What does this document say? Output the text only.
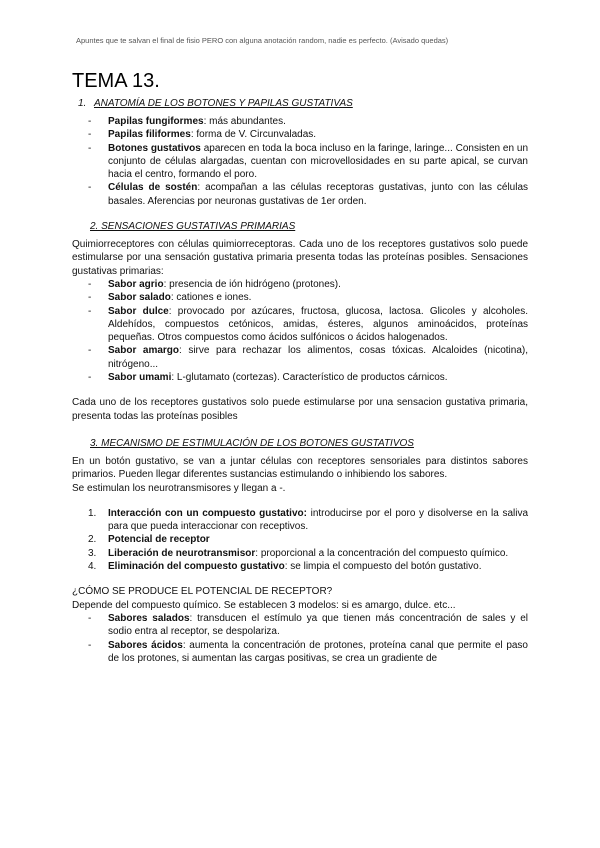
Apuntes que te salvan el final de fisio PERO con alguna anotación random, nadie es perfecto. (Avisado quedas)
TEMA 13.
1. ANATOMÍA DE LOS BOTONES Y PAPILAS GUSTATIVAS
- Papilas fungiformes: más abundantes.
- Papilas filiformes: forma de V. Circunvaladas.
- Botones gustativos aparecen en toda la boca incluso en la faringe, laringe... Consisten en un conjunto de células alargadas, cuentan con microvellosidades en su parte apical, se curvan hacia el centro, formando el poro.
- Células de sostén: acompañan a las células receptoras gustativas, junto con las células basales. Aferencias por neuronas gustativas de 1er orden.
2. SENSACIONES GUSTATIVAS PRIMARIAS

Quimiorreceptores con células quimiorreceptoras. Cada uno de los receptores gustativos solo puede estimularse por una sensación gustativa primaria presenta todas las proteínas posibles. Sensaciones gustativas primarias:

- Sabor agrio: presencia de ión hidrógeno (protones).
- Sabor salado: cationes e iones.
- Sabor dulce: provocado por azúcares, fructosa, glucosa, lactosa. Glicoles y alcoholes. Aldehídos, compuestos cetónicos, amidas, ésteres, algunos aminoácidos, proteínas pequeñas. Otros compuestos como ácidos sulfónicos o ácidos halogenados.
- Sabor amargo: sirve para rechazar los alimentos, cosas tóxicas. Alcaloides (nicotina), nitrógeno...
- Sabor umami: L-glutamato (cortezas). Característico de productos cárnicos.

Cada uno de los receptores gustativos solo puede estimularse por una sensacion gustativa primaria, presenta todas las proteínas posibles

3. MECANISMO DE ESTIMULACIÓN DE LOS BOTONES GUSTATIVOS

En un botón gustativo, se van a juntar células con receptores sensoriales para distintos sabores primarios. Pueden llegar diferentes sustancias estimulando o inhibiendo los sabores.

Se estimulan los neurotransmisores y llegan a -.

1. Interacción con un compuesto gustativo: introducirse por el poro y disolverse en la saliva para que pueda interaccionar con receptivos.
2. Potencial de receptor
3. Liberación de neurotransmisor: proporcional a la concentración del compuesto químico.
4. Eliminación del compuesto gustativo: se limpia el compuesto del botón gustativo.
¿CÓMO SE PRODUCE EL POTENCIAL DE RECEPTOR?

Depende del compuesto químico. Se establecen 3 modelos: si es amargo, dulce. etc...

- Sabores salados: transducen el estímulo ya que tienen más concentración de sales y el sodio entra al receptor, se despolariza.
- Sabores ácidos: aumenta la concentración de protones, proteína canal que permite el paso de los protones, si aumentan las cargas positivas, se crea un gradiente de
